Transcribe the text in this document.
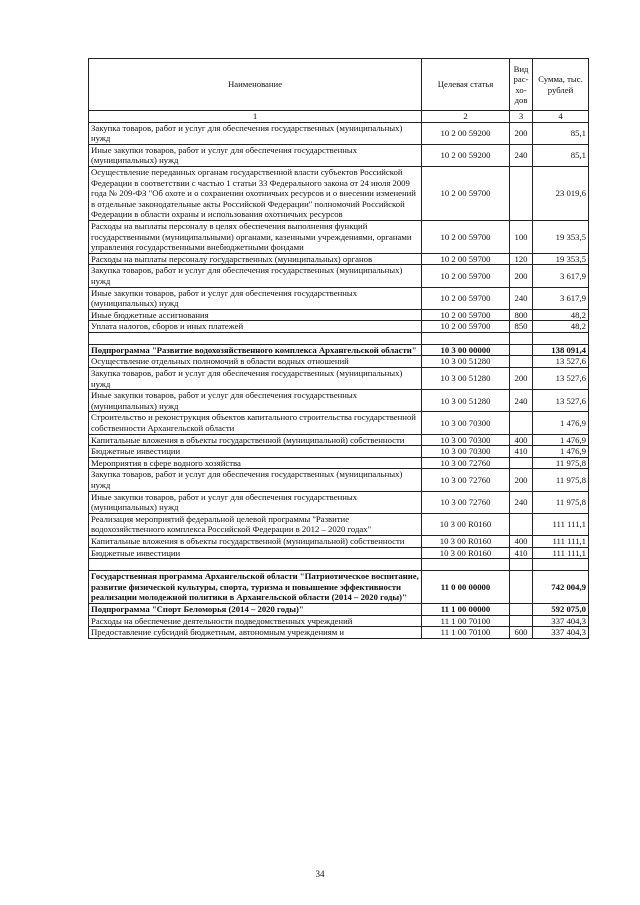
Наименование	Целевая статья	Вид рас-хо-дов	Сумма, тыс. рублей
1	2	3	4
Закупка товаров, работ и услуг для обеспечения государственных (муниципальных) нужд	10 2 00 59200	200	85,1
Иные закупки товаров, работ и услуг для обеспечения государственных (муниципальных) нужд	10 2 00 59200	240	85,1
Осуществление переданных органам государственной власти субъектов Российской Федерации в соответствии с частью 1 статьи 33 Федерального закона от 24 июля 2009 года № 209-ФЗ "Об охоте и о сохранении охотничьих ресурсов и о внесении изменений в отдельные законодательные акты Российской Федерации" полномочий Российской Федерации в области охраны и использования охотничьих ресурсов	10 2 00 59700		23 019,6
Расходы на выплаты персоналу в целях обеспечения выполнения функций государственными (муниципальными) органами, казенными учреждениями, органами управления государственными внебюджетными фондами	10 2 00 59700	100	19 353,5
Расходы на выплаты персоналу государственных (муниципальных) органов	10 2 00 59700	120	19 353,5
Закупка товаров, работ и услуг для обеспечения государственных (муниципальных) нужд	10 2 00 59700	200	3 617,9
Иные закупки товаров, работ и услуг для обеспечения государственных (муниципальных) нужд	10 2 00 59700	240	3 617,9
Иные бюджетные ассигнования	10 2 00 59700	800	48,2
Уплата налогов, сборов и иных платежей	10 2 00 59700	850	48,2

Подпрограмма "Развитие водохозяйственного комплекса Архангельской области"	10 3 00 00000		138 091,4
Осуществление отдельных полномочий в области водных отношений	10 3 00 51280		13 527,6
Закупка товаров, работ и услуг для обеспечения государственных (муниципальных) нужд	10 3 00 51280	200	13 527,6
Иные закупки товаров, работ и услуг для обеспечения государственных (муниципальных) нужд	10 3 00 51280	240	13 527,6
Строительство и реконструкция объектов капитального строительства государственной собственности Архангельской области	10 3 00 70300		1 476,9
Капитальные вложения в объекты государственной (муниципальной) собственности	10 3 00 70300	400	1 476,9
Бюджетные инвестиции	10 3 00 70300	410	1 476,9
Мероприятия в сфере водного хозяйства	10 3 00 72760		11 975,8
Закупка товаров, работ и услуг для обеспечения государственных (муниципальных) нужд	10 3 00 72760	200	11 975,8
Иные закупки товаров, работ и услуг для обеспечения государственных (муниципальных) нужд	10 3 00 72760	240	11 975,8
Реализация мероприятий федеральной целевой программы "Развитие водохозяйственного комплекса Российской Федерации в 2012 – 2020 годах"	10 3 00 R0160		111 111,1
Капитальные вложения в объекты государственной (муниципальной) собственности	10 3 00 R0160	400	111 111,1
Бюджетные инвестиции	10 3 00 R0160	410	111 111,1

Государственная программа Архангельской области "Патриотическое воспитание, развитие физической культуры, спорта, туризма и повышение эффективности реализации молодежной политики в Архангельской области (2014 – 2020 годы)"	11 0 00 00000		742 004,9
Подпрограмма "Спорт Беломорья (2014 – 2020 годы)"	11 1 00 00000		592 075,0
Расходы на обеспечение деятельности подведомственных учреждений	11 1 00 70100		337 404,3
Предоставление субсидий бюджетным, автономным учреждениям и	11 1 00 70100	600	337 404,3
34
